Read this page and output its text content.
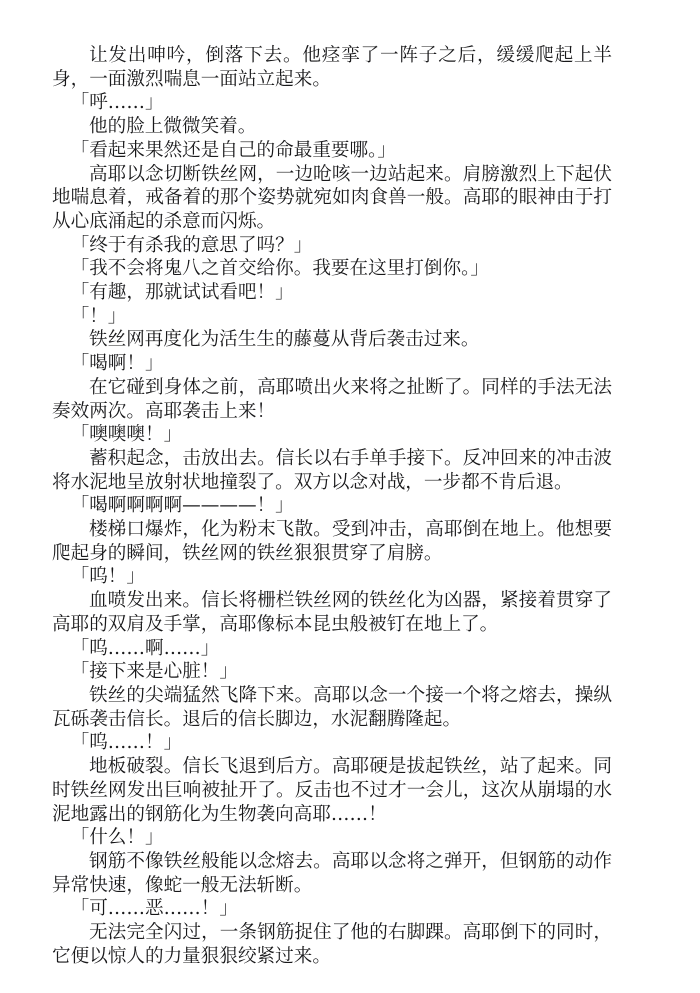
让发出呻吟，倒落下去。他痉挛了一阵子之后，缓缓爬起上半身，一面激烈喘息一面站立起来。

「呼……」

他的脸上微微笑着。

「看起来果然还是自己的命最重要哪。」

高耶以念切断铁丝网，一边呛咳一边站起来。肩膀激烈上下起伏地喘息着，戒备着的那个姿势就宛如肉食兽一般。高耶的眼神由于打从心底涌起的杀意而闪烁。

「终于有杀我的意思了吗？」

「我不会将鬼八之首交给你。我要在这里打倒你。」

「有趣，那就试试看吧！」

「！」

铁丝网再度化为活生生的藤蔓从背后袭击过来。

「喝啊！」

在它碰到身体之前，高耶喷出火来将之扯断了。同样的手法无法奏效两次。高耶袭击上来！

「噢噢噢！」

蓄积起念，击放出去。信长以右手单手接下。反冲回来的冲击波将水泥地呈放射状地撞裂了。双方以念对战，一步都不肯后退。

「喝啊啊啊啊————！」

楼梯口爆炸，化为粉末飞散。受到冲击，高耶倒在地上。他想要爬起身的瞬间，铁丝网的铁丝狠狠贯穿了肩膀。

「呜！」

血喷发出来。信长将栅栏铁丝网的铁丝化为凶器，紧接着贯穿了高耶的双肩及手掌，高耶像标本昆虫般被钉在地上了。

「呜……啊……」

「接下来是心脏！」

铁丝的尖端猛然飞降下来。高耶以念一个接一个将之熔去，操纵瓦砾袭击信长。退后的信长脚边，水泥翻腾隆起。

「呜……！」

地板破裂。信长飞退到后方。高耶硬是拔起铁丝，站了起来。同时铁丝网发出巨响被扯开了。反击也不过才一会儿，这次从崩塌的水泥地露出的钢筋化为生物袭向高耶……！

「什么！」

钢筋不像铁丝般能以念熔去。高耶以念将之弹开，但钢筋的动作异常快速，像蛇一般无法斩断。

「可……恶……！」

无法完全闪过，一条钢筋捉住了他的右脚踝。高耶倒下的同时，它便以惊人的力量狠狠绞紧过来。
